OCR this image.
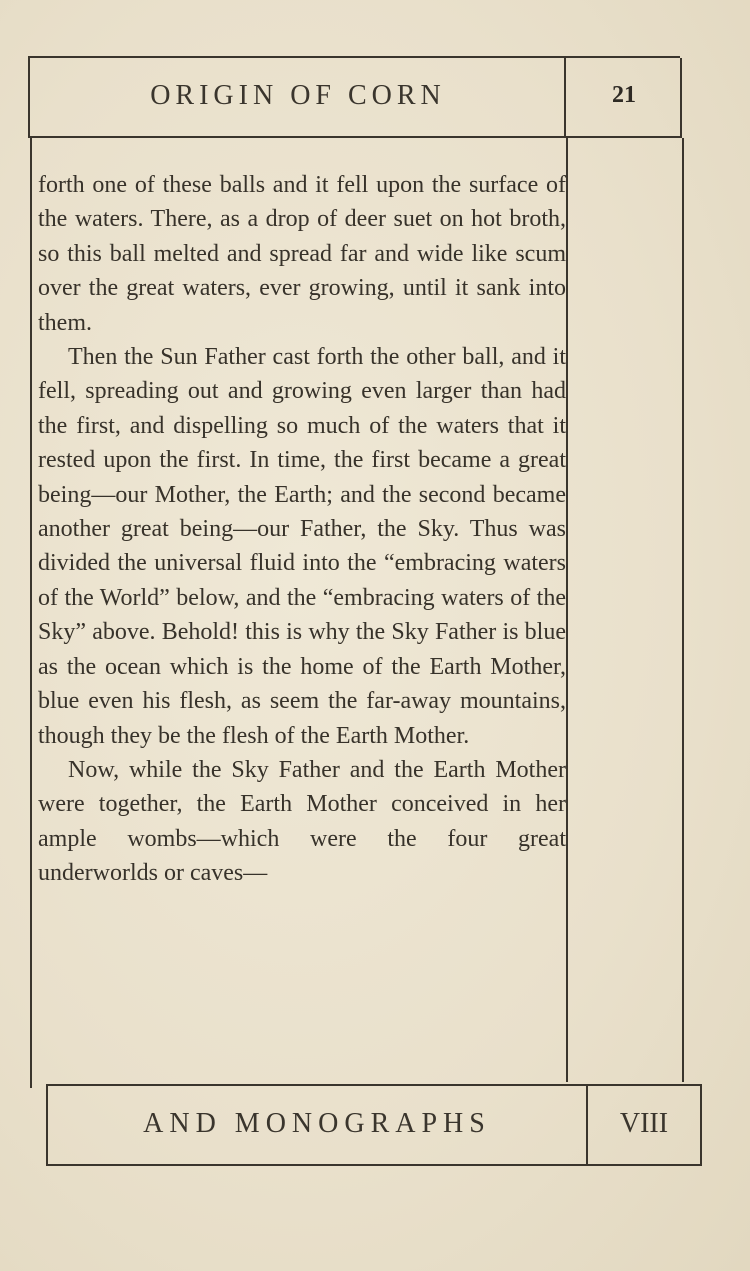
ORIGIN OF CORN	21

forth one of these balls and it fell upon the surface of the waters. There, as a drop of deer suet on hot broth, so this ball melted and spread far and wide like scum over the great waters, ever growing, until it sank into them.

Then the Sun Father cast forth the other ball, and it fell, spreading out and growing even larger than had the first, and dispelling so much of the waters that it rested upon the first. In time, the first became a great being—our Mother, the Earth; and the second became another great being—our Father, the Sky. Thus was divided the universal fluid into the “embracing waters of the World” below, and the “embracing waters of the Sky” above. Behold! this is why the Sky Father is blue as the ocean which is the home of the Earth Mother, blue even his flesh, as seem the far-away mountains, though they be the flesh of the Earth Mother.

Now, while the Sky Father and the Earth Mother were together, the Earth Mother conceived in her ample wombs—which were the four great underworlds or caves—

AND MONOGRAPHS	VIII
